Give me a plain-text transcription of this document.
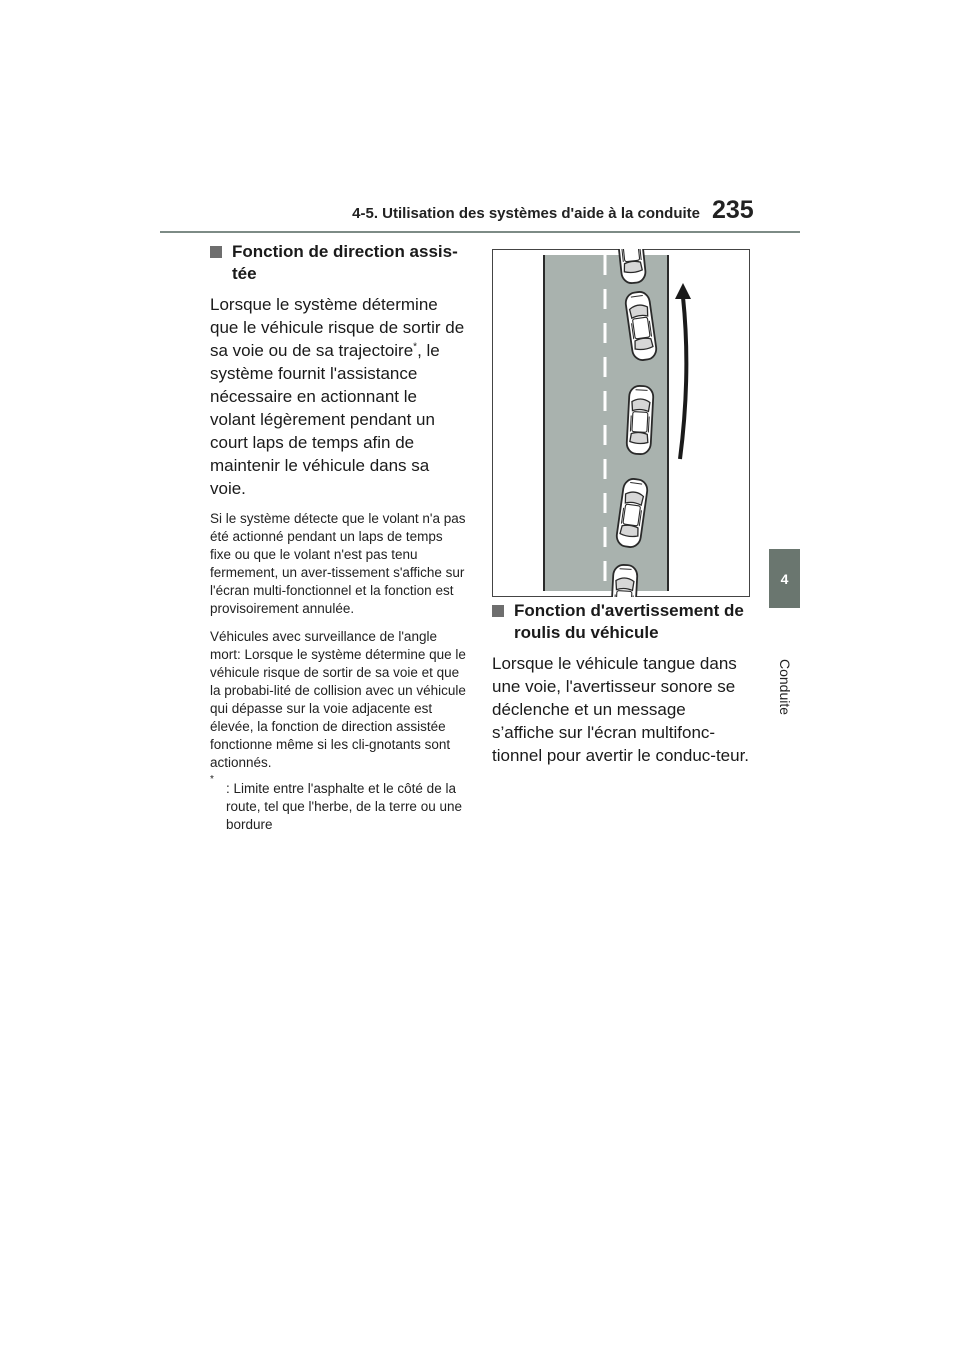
4-5. Utilisation des systèmes d'aide à la conduite 235
4
Conduite
Fonction de direction assis-tée
Lorsque le système détermine que le véhicule risque de sortir de sa voie ou de sa trajectoire*, le système fournit l'assistance nécessaire en actionnant le volant légèrement pendant un court laps de temps afin de maintenir le véhicule dans sa voie.
Si le système détecte que le volant n'a pas été actionné pendant un laps de temps fixe ou que le volant n'est pas tenu fermement, un aver-tissement s'affiche sur l'écran multi-fonctionnel et la fonction est provisoirement annulée.
Véhicules avec surveillance de l'angle mort: Lorsque le système détermine que le véhicule risque de sortir de sa voie et que la probabi-lité de collision avec un véhicule qui dépasse sur la voie adjacente est élevée, la fonction de direction assistée fonctionne même si les cli-gnotants sont actionnés.
*
: Limite entre l'asphalte et le côté de la route, tel que l'herbe, de la terre ou une bordure
Fonction d'avertissement de roulis du véhicule
Lorsque le véhicule tangue dans une voie, l'avertisseur sonore se déclenche et un message s’affiche sur l'écran multifonc-tionnel pour avertir le conduc-teur.
